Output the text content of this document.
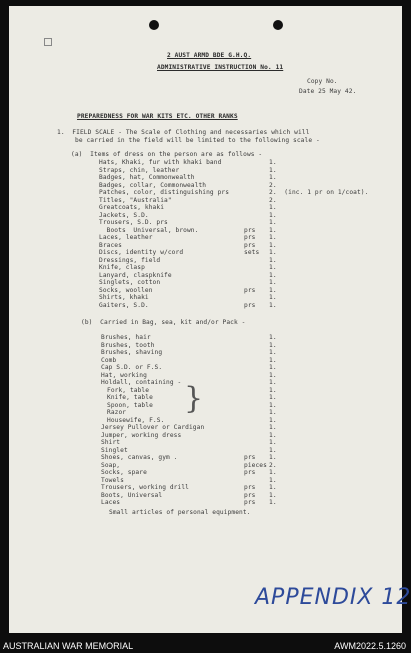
2 AUST ARMD BDE G.H.Q.
ADMINISTRATIVE INSTRUCTION No. 11
Copy No.
Date 25 May 42.
PREPAREDNESS FOR WAR KITS ETC. OTHER RANKS
1.  FIELD SCALE - The Scale of Clothing and necessaries which will
be carried in the field will be limited to the following scale -
(a)  Items of dress on the person are as follows -
Hats, Khaki, fur with khaki band	1.
Straps, chin, leather	1.
Badges, hat, Commonwealth	1.
Badges, collar, Commonwealth	2.
Patches, color, distinguishing prs	2.  (inc. 1 pr on 1/coat).
Titles, "Australia"	2.
Greatcoats, khaki	1.
Jackets, S.D.	1.
Trousers, S.D. prs	1.
Boots  Universal, brown.	prs 1.
Laces, leather	prs 1.
Braces	prs 1.
Discs, identity w/cord	sets 1.
Dressings, field	1.
Knife, clasp	1.
Lanyard, claspknife	1.
Singlets, cotton	1.
Socks, woollen	prs 1.
Shirts, khaki	1.
Gaiters, S.D.	prs 1.
(b)  Carried in Bag, sea, kit and/or Pack -
Brushes, hair	1.
Brushes, tooth	1.
Brushes, shaving	1.
Comb	1.
Cap S.D. or F.S.	1.
Hat, working	1.
Holdall, containing -	1.
Fork, table	1.
Knife, table	1.
Spoon, table	1.
Razor	1.
Housewife, F.S.	1.
Jersey Pullover or Cardigan	1.
Jumper, working dress	1.
Shirt	1.
Singlet	1.
Shoes, canvas, gym .	prs 1.
Soap,	pieces 2.
Socks, spare	prs 1.
Towels	1.
Trousers, working drill	prs 1.
Boots, Universal	prs 1.
Laces	prs 1.
}
Small articles of personal equipment.
APPENDIX 12
AUSTRALIAN WAR MEMORIAL	AWM2022.5.1260
